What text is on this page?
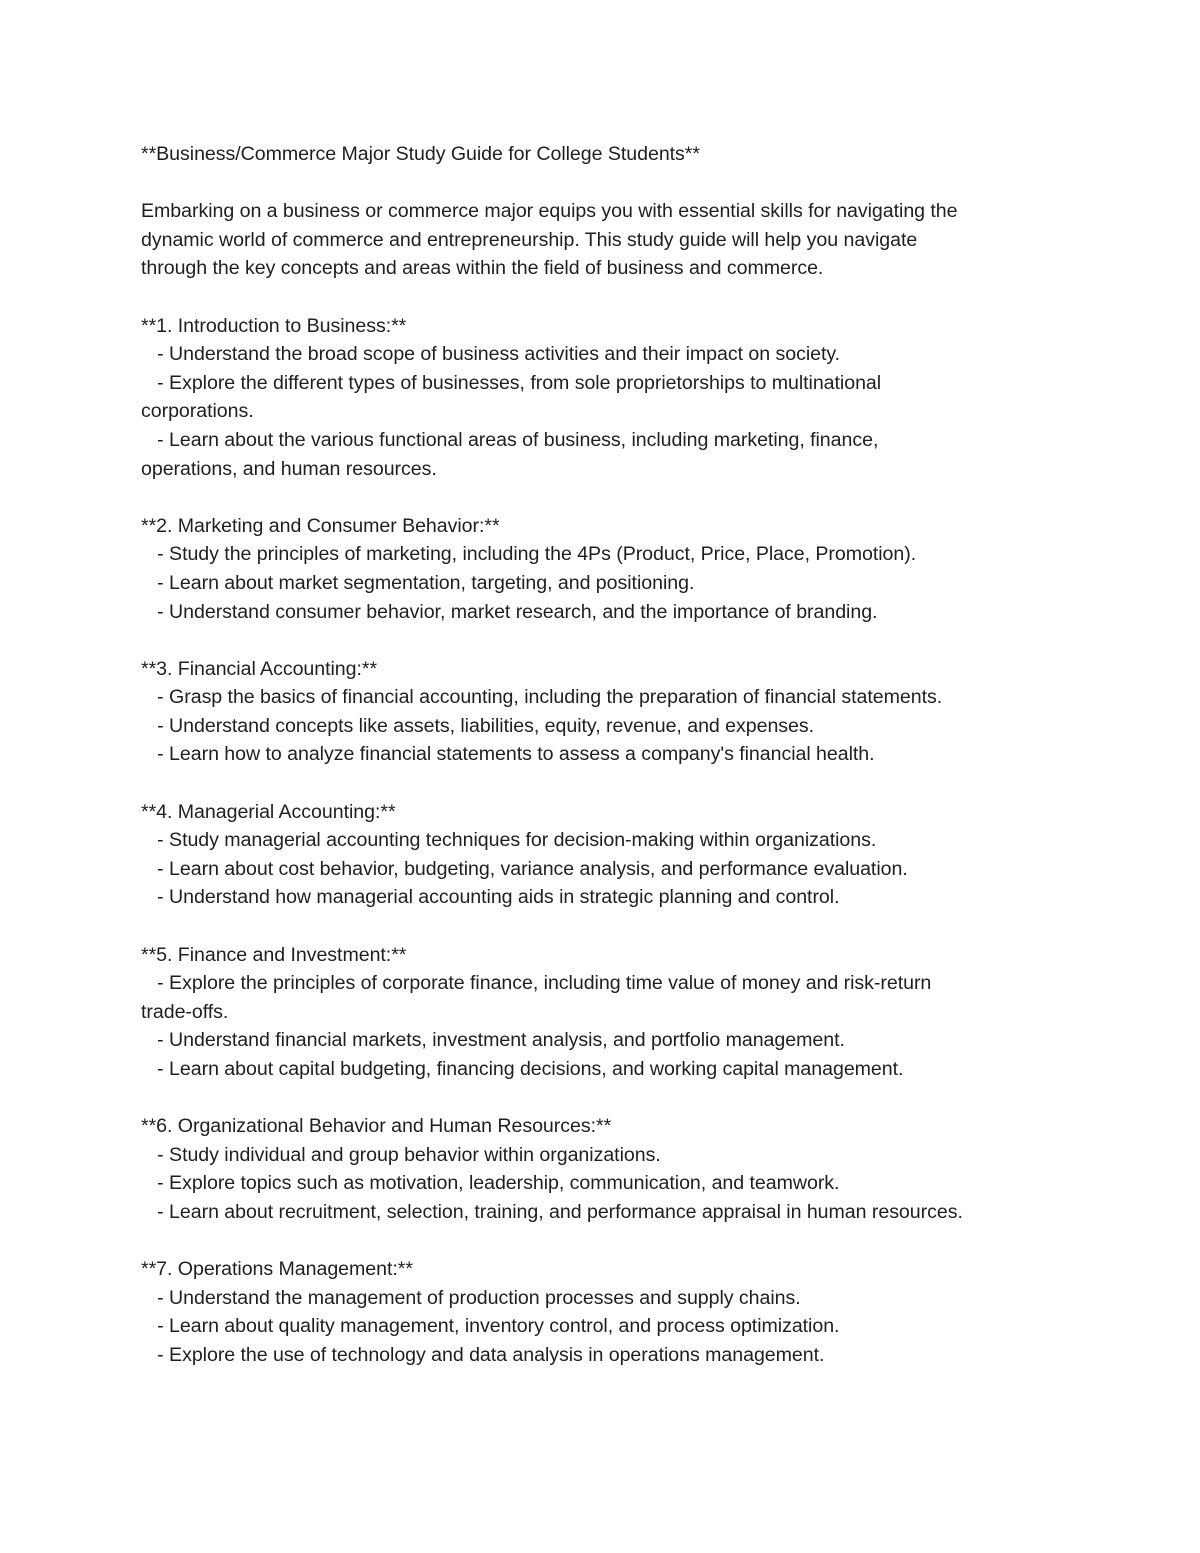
**Business/Commerce Major Study Guide for College Students**
Embarking on a business or commerce major equips you with essential skills for navigating the
dynamic world of commerce and entrepreneurship. This study guide will help you navigate
through the key concepts and areas within the field of business and commerce.
**1. Introduction to Business:**
- Understand the broad scope of business activities and their impact on society.
- Explore the different types of businesses, from sole proprietorships to multinational
corporations.
- Learn about the various functional areas of business, including marketing, finance,
operations, and human resources.
**2. Marketing and Consumer Behavior:**
- Study the principles of marketing, including the 4Ps (Product, Price, Place, Promotion).
- Learn about market segmentation, targeting, and positioning.
- Understand consumer behavior, market research, and the importance of branding.
**3. Financial Accounting:**
- Grasp the basics of financial accounting, including the preparation of financial statements.
- Understand concepts like assets, liabilities, equity, revenue, and expenses.
- Learn how to analyze financial statements to assess a company's financial health.
**4. Managerial Accounting:**
- Study managerial accounting techniques for decision-making within organizations.
- Learn about cost behavior, budgeting, variance analysis, and performance evaluation.
- Understand how managerial accounting aids in strategic planning and control.
**5. Finance and Investment:**
- Explore the principles of corporate finance, including time value of money and risk-return
trade-offs.
- Understand financial markets, investment analysis, and portfolio management.
- Learn about capital budgeting, financing decisions, and working capital management.
**6. Organizational Behavior and Human Resources:**
- Study individual and group behavior within organizations.
- Explore topics such as motivation, leadership, communication, and teamwork.
- Learn about recruitment, selection, training, and performance appraisal in human resources.
**7. Operations Management:**
- Understand the management of production processes and supply chains.
- Learn about quality management, inventory control, and process optimization.
- Explore the use of technology and data analysis in operations management.
